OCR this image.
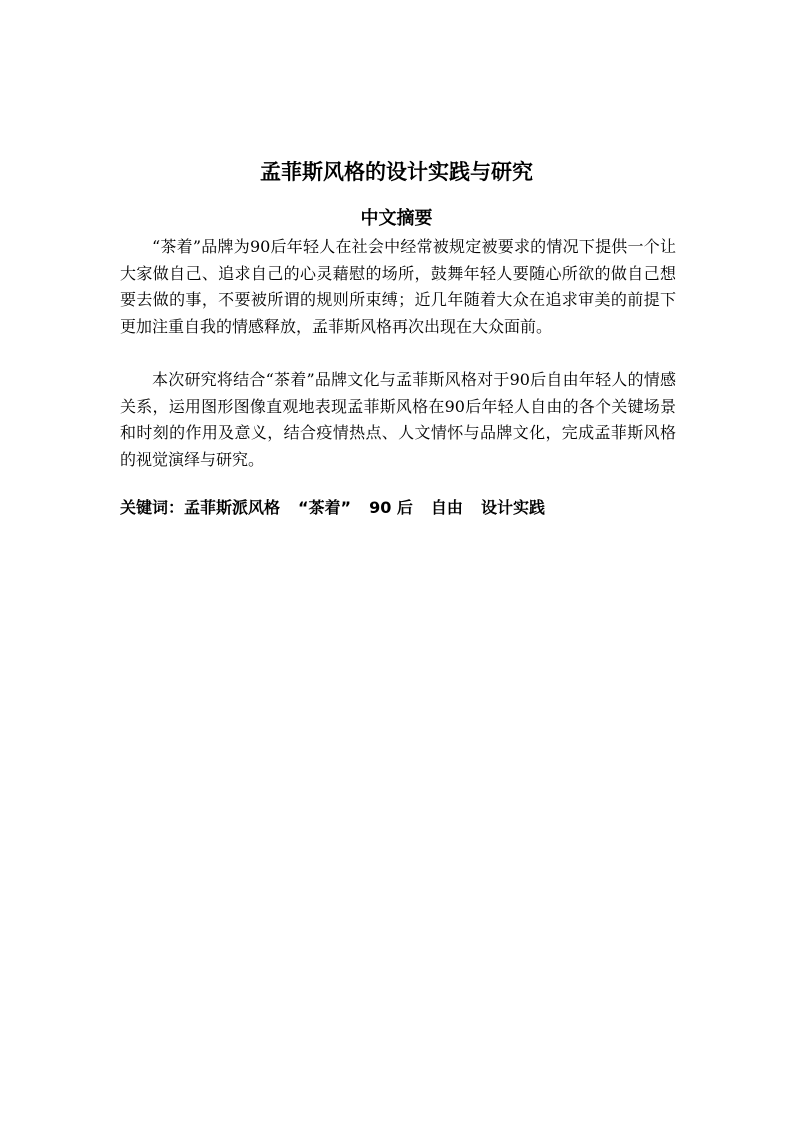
孟菲斯风格的设计实践与研究
中文摘要

“茶着”品牌为90后年轻人在社会中经常被规定被要求的情况下提供一个让大家做自己、追求自己的心灵藉慰的场所，鼓舞年轻人要随心所欲的做自己想要去做的事，不要被所谓的规则所束缚；近几年随着大众在追求审美的前提下更加注重自我的情感释放，孟菲斯风格再次出现在大众面前。

本次研究将结合“茶着”品牌文化与孟菲斯风格对于90后自由年轻人的情感关系，运用图形图像直观地表现孟菲斯风格在90后年轻人自由的各个关键场景和时刻的作用及意义，结合疫情热点、人文情怀与品牌文化，完成孟菲斯风格的视觉演绎与研究。

关键词：孟菲斯派风格 “茶着” 90 后 自由 设计实践
